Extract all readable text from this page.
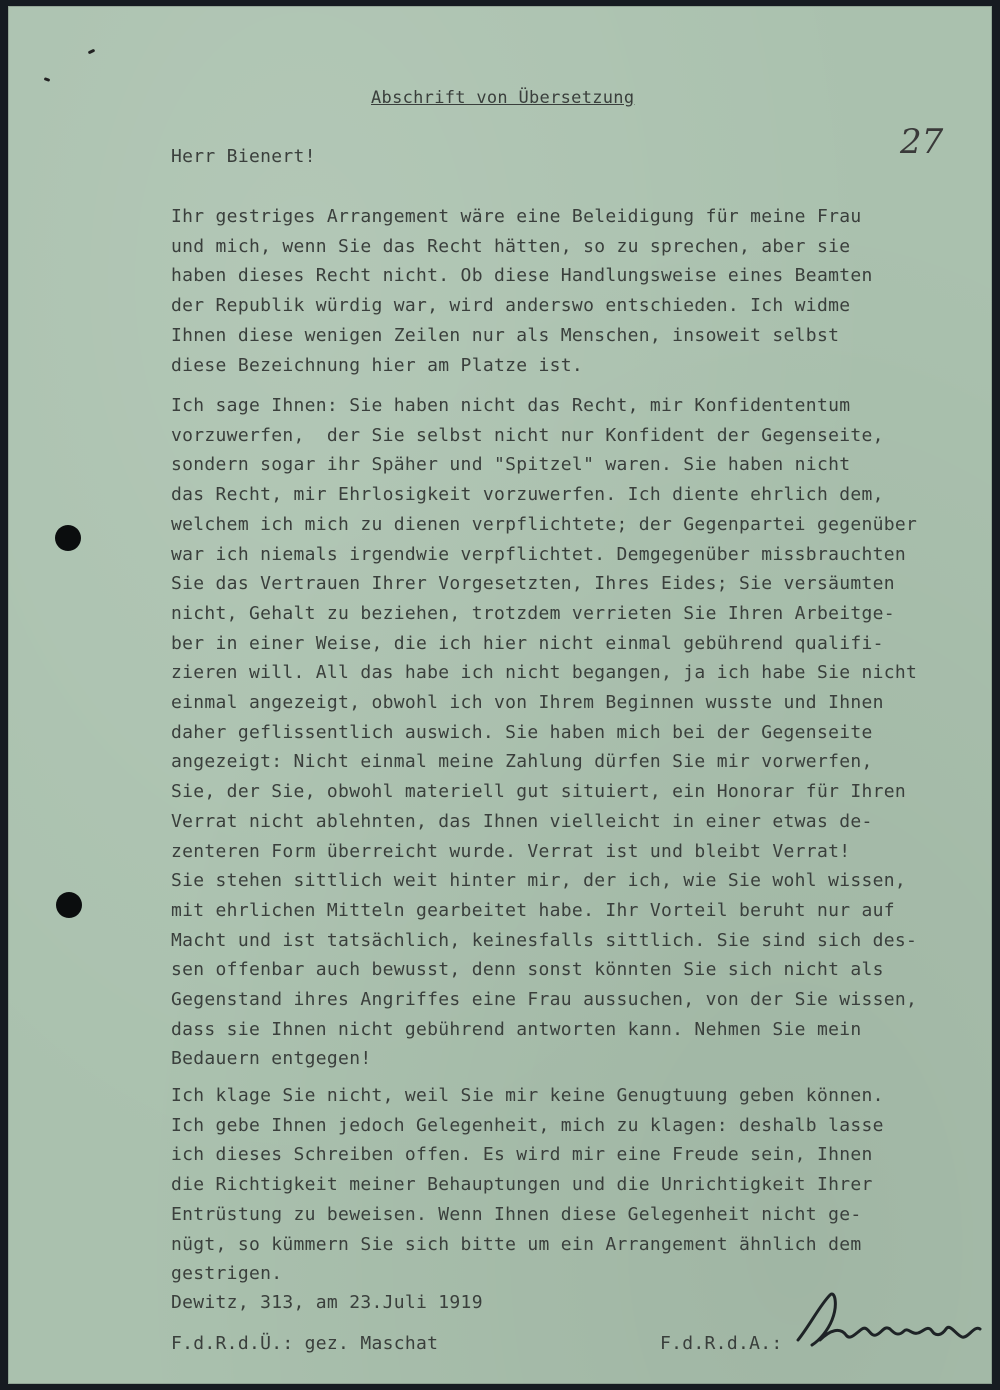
Abschrift von Übersetzung
27
Herr Bienert!
Ihr gestriges Arrangement wäre eine Beleidigung für meine Frau
und mich, wenn Sie das Recht hätten, so zu sprechen, aber sie
haben dieses Recht nicht. Ob diese Handlungsweise eines Beamten
der Republik würdig war, wird anderswo entschieden. Ich widme
Ihnen diese wenigen Zeilen nur als Menschen, insoweit selbst
diese Bezeichnung hier am Platze ist.
Ich sage Ihnen: Sie haben nicht das Recht, mir Konfidententum
vorzuwerfen,  der Sie selbst nicht nur Konfident der Gegenseite,
sondern sogar ihr Späher und "Spitzel" waren. Sie haben nicht
das Recht, mir Ehrlosigkeit vorzuwerfen. Ich diente ehrlich dem,
welchem ich mich zu dienen verpflichtete; der Gegenpartei gegenüber
war ich niemals irgendwie verpflichtet. Demgegenüber missbrauchten
Sie das Vertrauen Ihrer Vorgesetzten, Ihres Eides; Sie versäumten
nicht, Gehalt zu beziehen, trotzdem verrieten Sie Ihren Arbeitge-
ber in einer Weise, die ich hier nicht einmal gebührend qualifi-
zieren will. All das habe ich nicht begangen, ja ich habe Sie nicht
einmal angezeigt, obwohl ich von Ihrem Beginnen wusste und Ihnen
daher geflissentlich auswich. Sie haben mich bei der Gegenseite
angezeigt: Nicht einmal meine Zahlung dürfen Sie mir vorwerfen,
Sie, der Sie, obwohl materiell gut situiert, ein Honorar für Ihren
Verrat nicht ablehnten, das Ihnen vielleicht in einer etwas de-
zenteren Form überreicht wurde. Verrat ist und bleibt Verrat!
Sie stehen sittlich weit hinter mir, der ich, wie Sie wohl wissen,
mit ehrlichen Mitteln gearbeitet habe. Ihr Vorteil beruht nur auf
Macht und ist tatsächlich, keinesfalls sittlich. Sie sind sich des-
sen offenbar auch bewusst, denn sonst könnten Sie sich nicht als
Gegenstand ihres Angriffes eine Frau aussuchen, von der Sie wissen,
dass sie Ihnen nicht gebührend antworten kann. Nehmen Sie mein
Bedauern entgegen!
Ich klage Sie nicht, weil Sie mir keine Genugtuung geben können.
Ich gebe Ihnen jedoch Gelegenheit, mich zu klagen: deshalb lasse
ich dieses Schreiben offen. Es wird mir eine Freude sein, Ihnen
die Richtigkeit meiner Behauptungen und die Unrichtigkeit Ihrer
Entrüstung zu beweisen. Wenn Ihnen diese Gelegenheit nicht ge-
nügt, so kümmern Sie sich bitte um ein Arrangement ähnlich dem
gestrigen.
Dewitz, 313, am 23.Juli 1919
F.d.R.d.Ü.: gez. Maschat	F.d.R.d.A.:
